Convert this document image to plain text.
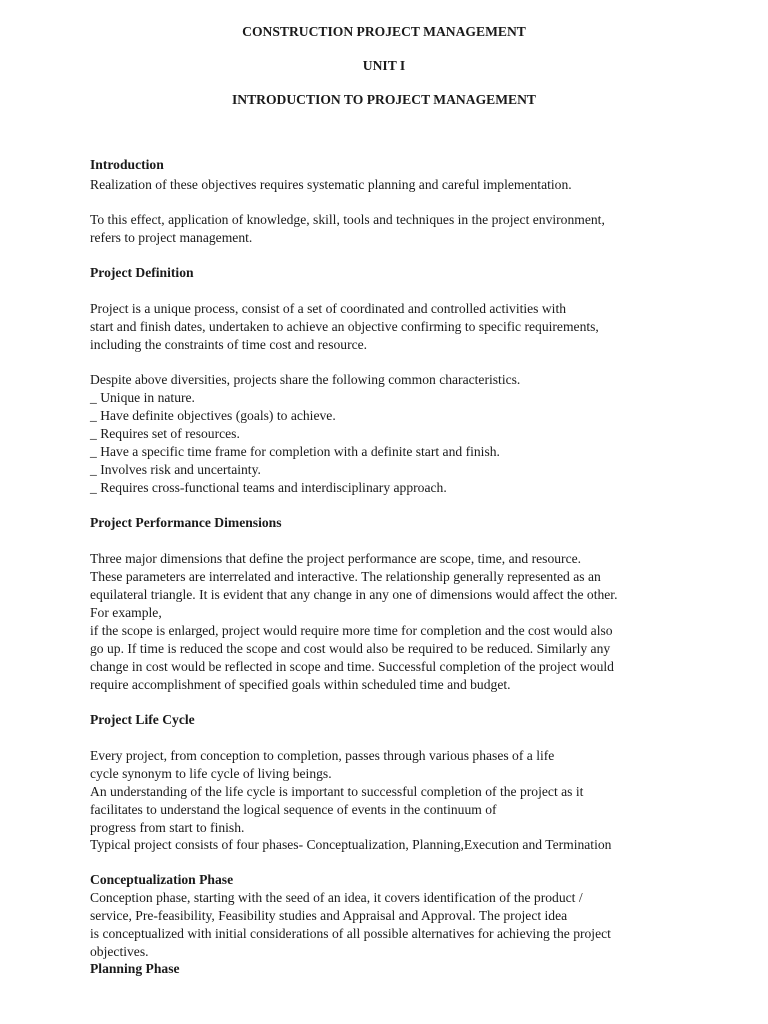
CONSTRUCTION PROJECT MANAGEMENT
UNIT I
INTRODUCTION TO PROJECT MANAGEMENT
Introduction
Realization of these objectives requires systematic planning and careful implementation.
To this effect, application of knowledge, skill, tools and techniques in the project environment,
refers to project management.
Project Definition
Project is a unique process, consist of a set of coordinated and controlled activities with
start and finish dates, undertaken to achieve an objective confirming to specific requirements,
including the constraints of time cost and resource.
Despite above diversities, projects share the following common characteristics.
_ Unique in nature.
_ Have definite objectives (goals) to achieve.
_ Requires set of resources.
_ Have a specific time frame for completion with a definite start and finish.
_ Involves risk and uncertainty.
_ Requires cross-functional teams and interdisciplinary approach.
Project Performance Dimensions
Three major dimensions that define the project performance are scope, time, and resource.
These parameters are interrelated and interactive. The relationship generally represented as an
equilateral triangle. It is evident that any change in any one of dimensions would affect the other.
For example,
if the scope is enlarged, project would require more time for completion and the cost would also
go up. If time is reduced the scope and cost would also be required to be reduced. Similarly any
change in cost would be reflected in scope and time. Successful completion of the project would
require accomplishment of specified goals within scheduled time and budget.
Project Life Cycle
Every project, from conception to completion, passes through various phases of a life
cycle synonym to life cycle of living beings.
An understanding of the life cycle is important to successful completion of the project as it
facilitates to understand the logical sequence of events in the continuum of
progress from start to finish.
Typical project consists of four phases- Conceptualization, Planning,Execution and Termination
Conceptualization Phase
Conception phase, starting with the seed of an idea, it covers identification of the product /
service, Pre-feasibility, Feasibility studies and Appraisal and Approval. The project idea
is conceptualized with initial considerations of all possible alternatives for achieving the project
objectives.
Planning Phase
